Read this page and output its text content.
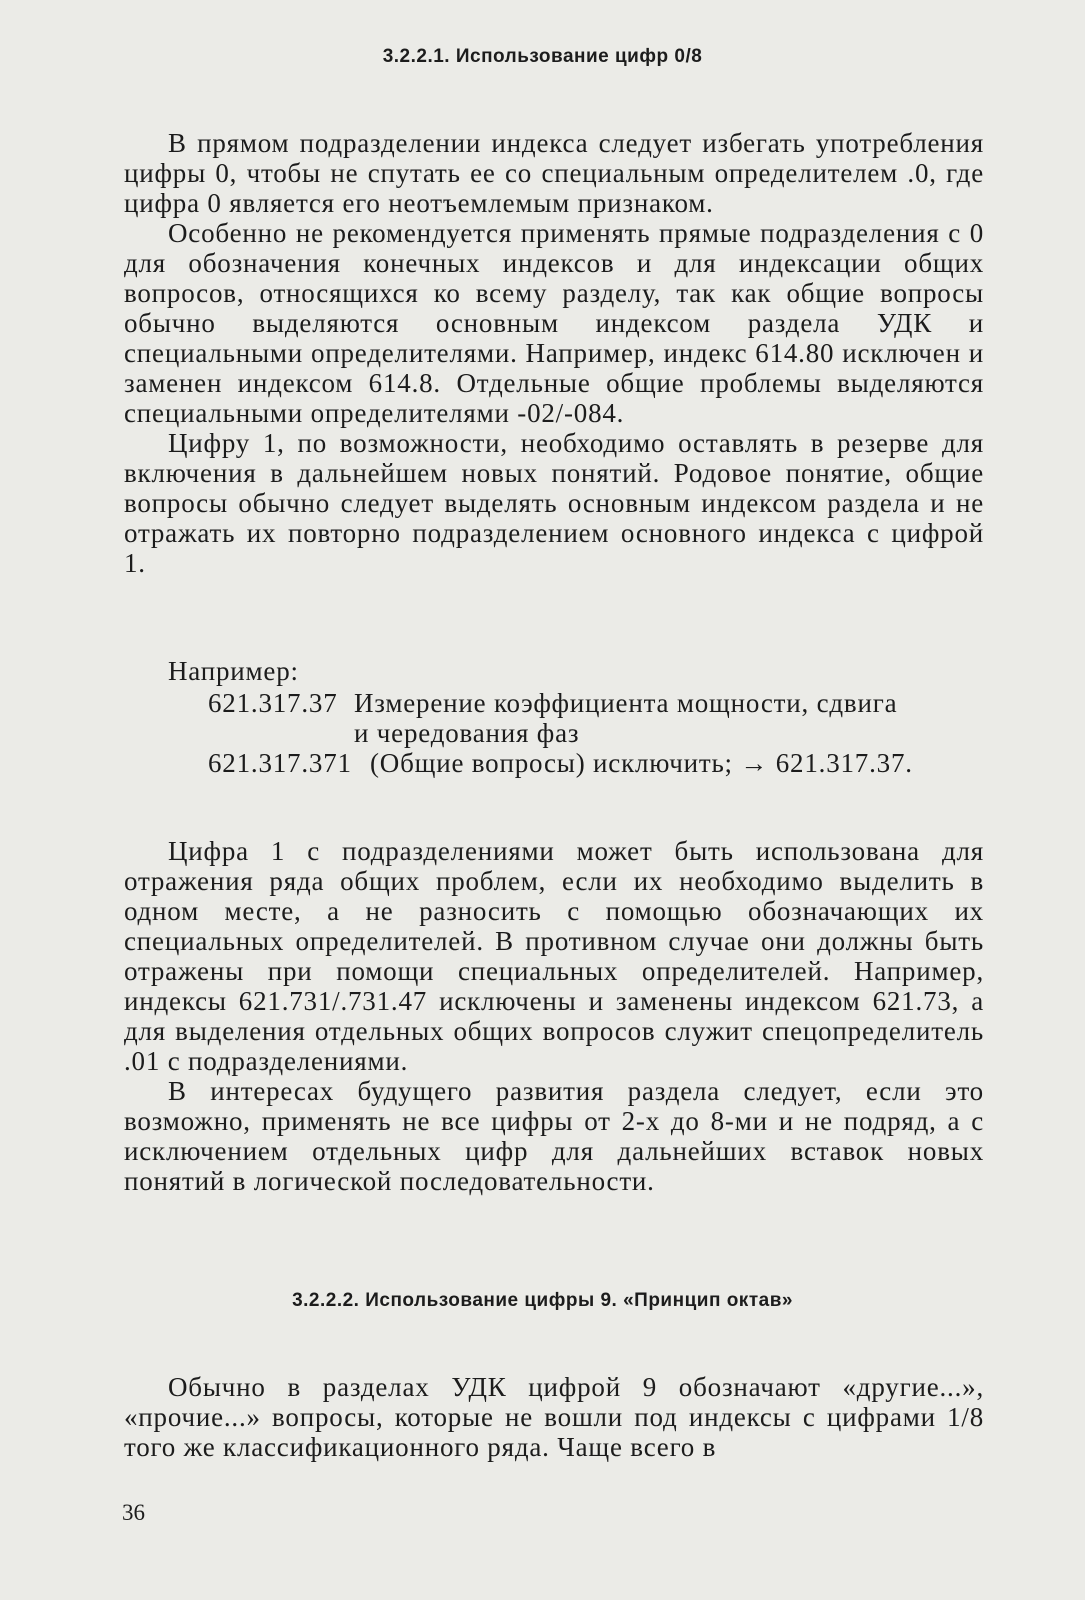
3.2.2.1. Использование цифр 0/8

В прямом подразделении индекса следует избегать употребления цифры 0, чтобы не спутать ее со специальным определителем .0, где цифра 0 является его неотъемлемым признаком.

Особенно не рекомендуется применять прямые подразделения с 0 для обозначения конечных индексов и для индексации общих вопросов, относящихся ко всему разделу, так как общие вопросы обычно выделяются основным индексом раздела УДК и специальными определителями. Например, индекс 614.80 исключен и заменен индексом 614.8. Отдельные общие проблемы выделяются специальными определителями -02/-084.

Цифру 1, по возможности, необходимо оставлять в резерве для включения в дальнейшем новых понятий. Родовое понятие, общие вопросы обычно следует выделять основным индексом раздела и не отражать их повторно подразделением основного индекса с цифрой 1.

Например:
621.317.37 Измерение коэффициента мощности, сдвига
и чередования фаз
621.317.371 (Общие вопросы) исключить; → 621.317.37.

Цифра 1 с подразделениями может быть использована для отражения ряда общих проблем, если их необходимо выделить в одном месте, а не разносить с помощью обозначающих их специальных определителей. В противном случае они должны быть отражены при помощи специальных определителей. Например, индексы 621.731/.731.47 исключены и заменены индексом 621.73, а для выделения отдельных общих вопросов служит спецопределитель .01 с подразделениями.

В интересах будущего развития раздела следует, если это возможно, применять не все цифры от 2-х до 8-ми и не подряд, а с исключением отдельных цифр для дальнейших вставок новых понятий в логической последовательности.

3.2.2.2. Использование цифры 9. «Принцип октав»

Обычно в разделах УДК цифрой 9 обозначают «другие...», «прочие...» вопросы, которые не вошли под индексы с цифрами 1/8 того же классификационного ряда. Чаще всего в

36
